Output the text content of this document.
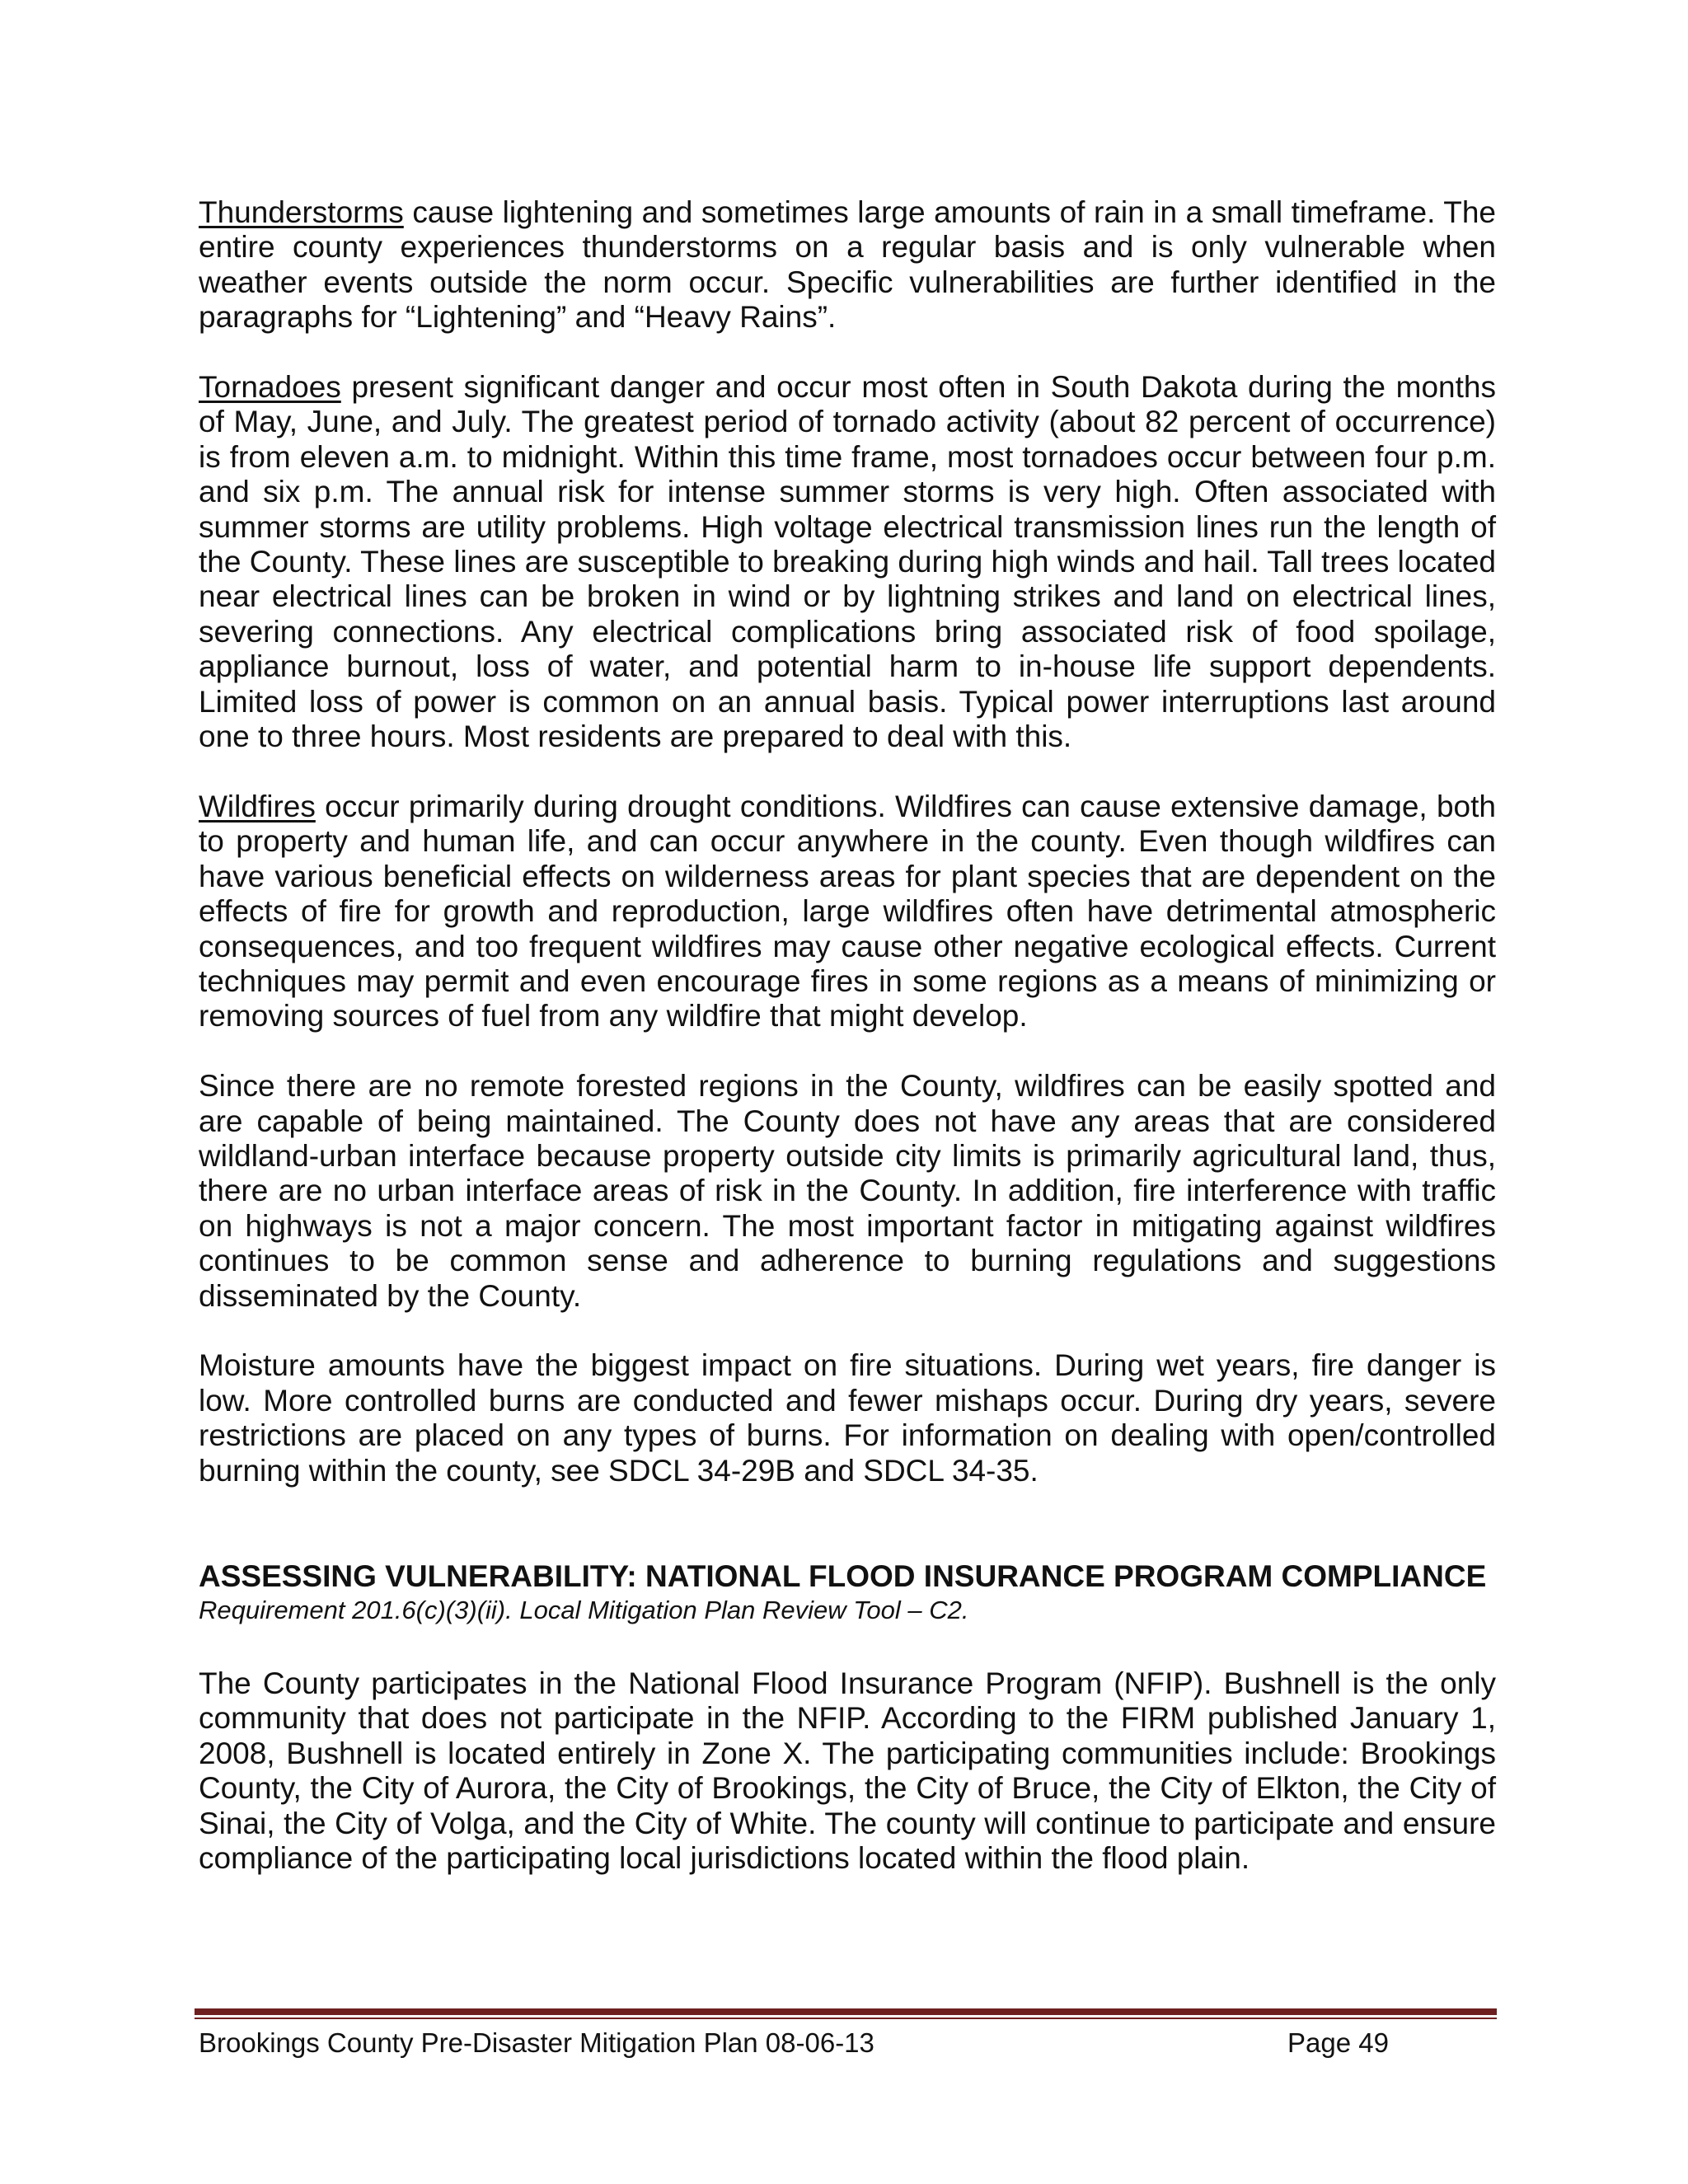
Thunderstorms cause lightening and sometimes large amounts of rain in a small timeframe. The entire county experiences thunderstorms on a regular basis and is only vulnerable when weather events outside the norm occur. Specific vulnerabilities are further identified in the paragraphs for “Lightening” and “Heavy Rains”.

Tornadoes present significant danger and occur most often in South Dakota during the months of May, June, and July. The greatest period of tornado activity (about 82 percent of occurrence) is from eleven a.m. to midnight. Within this time frame, most tornadoes occur between four p.m. and six p.m. The annual risk for intense summer storms is very high. Often associated with summer storms are utility problems. High voltage electrical transmission lines run the length of the County. These lines are susceptible to breaking during high winds and hail. Tall trees located near electrical lines can be broken in wind or by lightning strikes and land on electrical lines, severing connections. Any electrical complications bring associated risk of food spoilage, appliance burnout, loss of water, and potential harm to in-house life support dependents. Limited loss of power is common on an annual basis. Typical power interruptions last around one to three hours. Most residents are prepared to deal with this.

Wildfires occur primarily during drought conditions. Wildfires can cause extensive damage, both to property and human life, and can occur anywhere in the county. Even though wildfires can have various beneficial effects on wilderness areas for plant species that are dependent on the effects of fire for growth and reproduction, large wildfires often have detrimental atmospheric consequences, and too frequent wildfires may cause other negative ecological effects. Current techniques may permit and even encourage fires in some regions as a means of minimizing or removing sources of fuel from any wildfire that might develop.

Since there are no remote forested regions in the County, wildfires can be easily spotted and are capable of being maintained. The County does not have any areas that are considered wildland-urban interface because property outside city limits is primarily agricultural land, thus, there are no urban interface areas of risk in the County. In addition, fire interference with traffic on highways is not a major concern. The most important factor in mitigating against wildfires continues to be common sense and adherence to burning regulations and suggestions disseminated by the County.

Moisture amounts have the biggest impact on fire situations. During wet years, fire danger is low. More controlled burns are conducted and fewer mishaps occur. During dry years, severe restrictions are placed on any types of burns. For information on dealing with open/controlled burning within the county, see SDCL 34-29B and SDCL 34-35.

ASSESSING VULNERABILITY: NATIONAL FLOOD INSURANCE PROGRAM COMPLIANCE

Requirement 201.6(c)(3)(ii). Local Mitigation Plan Review Tool – C2.

The County participates in the National Flood Insurance Program (NFIP). Bushnell is the only community that does not participate in the NFIP. According to the FIRM published January 1, 2008, Bushnell is located entirely in Zone X. The participating communities include: Brookings County, the City of Aurora, the City of Brookings, the City of Bruce, the City of Elkton, the City of Sinai, the City of Volga, and the City of White. The county will continue to participate and ensure compliance of the participating local jurisdictions located within the flood plain.

Brookings County Pre-Disaster Mitigation Plan 08-06-13	Page 49
